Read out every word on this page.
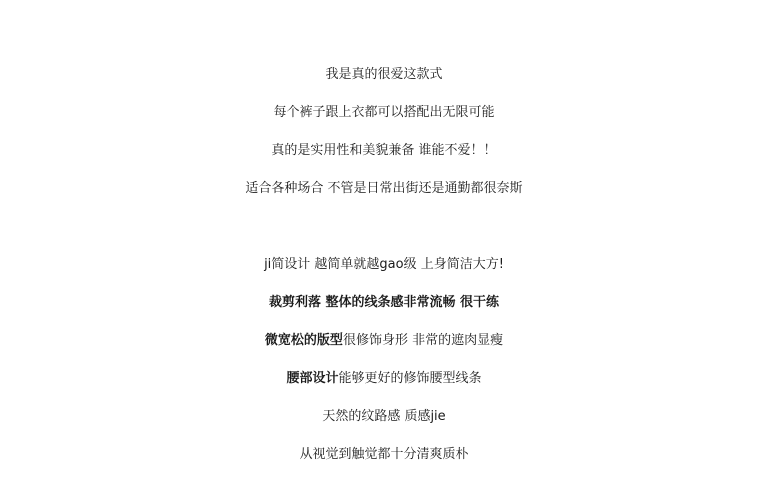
我是真的很爱这款式
每个裤子跟上衣都可以搭配出无限可能
真的是实用性和美貌兼备 谁能不爱！！
适合各种场合 不管是日常出街还是通勤都很奈斯
ji简设计 越简单就越gao级 上身简洁大方!
裁剪利落 整体的线条感非常流畅 很干练
微宽松的版型很修饰身形 非常的遮肉显瘦
腰部设计能够更好的修饰腰型线条
天然的纹路感 质感jie
从视觉到触觉都十分清爽质朴
